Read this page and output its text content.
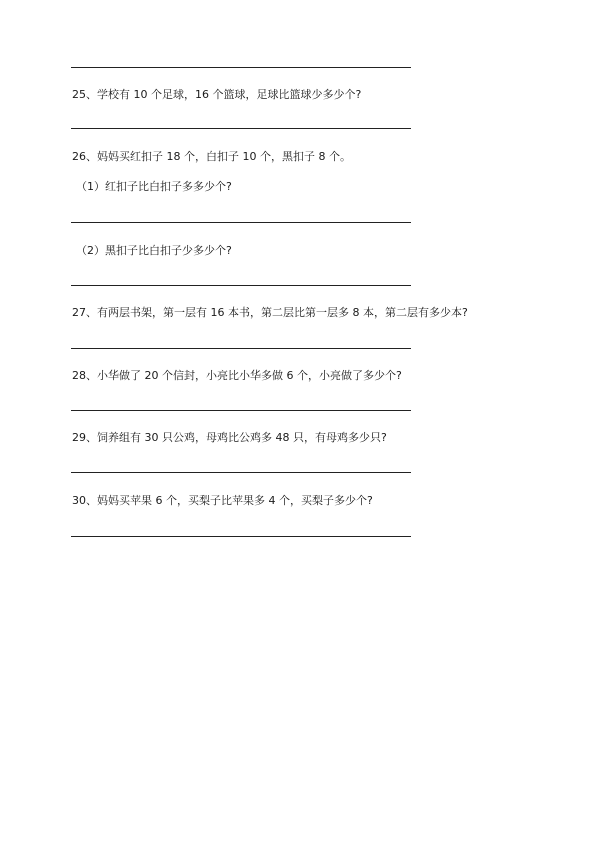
25、学校有 10 个足球，16 个篮球，足球比篮球少多少个?
26、妈妈买红扣子 18 个，白扣子 10 个，黑扣子 8 个。
（1）红扣子比白扣子多多少个?
（2）黑扣子比白扣子少多少个?
27、有两层书架，第一层有 16 本书，第二层比第一层多 8 本，第二层有多少本?
28、小华做了 20 个信封，小亮比小华多做 6 个，小亮做了多少个?
29、饲养组有 30 只公鸡，母鸡比公鸡多 48 只，有母鸡多少只?
30、妈妈买苹果 6 个，买梨子比苹果多 4 个，买梨子多少个?
